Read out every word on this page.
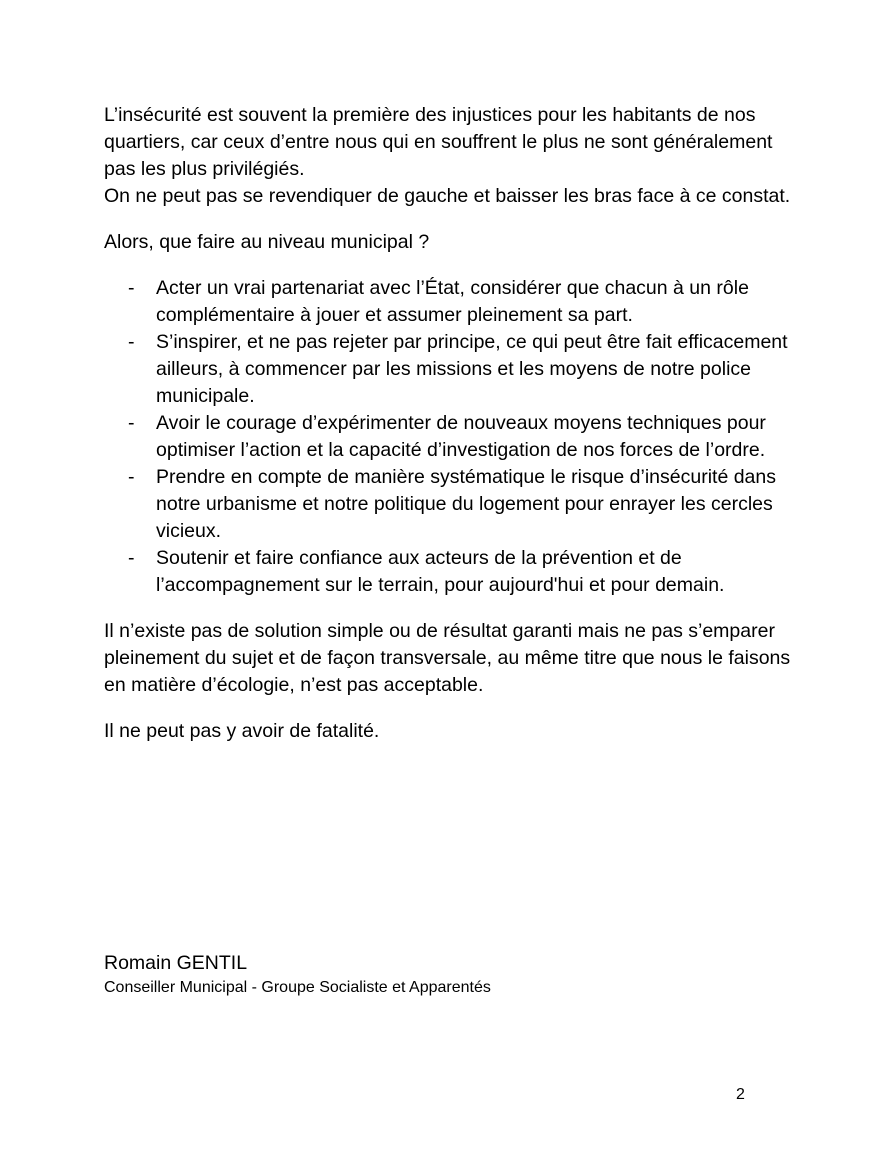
L’insécurité est souvent la première des injustices pour les habitants de nos quartiers, car ceux d’entre nous qui en souffrent le plus ne sont généralement pas les plus privilégiés.

On ne peut pas se revendiquer de gauche et baisser les bras face à ce constat.

Alors, que faire au niveau municipal ?

- Acter un vrai partenariat avec l’État, considérer que chacun à un rôle complémentaire à jouer et assumer pleinement sa part.
- S’inspirer, et ne pas rejeter par principe, ce qui peut être fait efficacement ailleurs, à commencer par les missions et les moyens de notre police municipale.
- Avoir le courage d’expérimenter de nouveaux moyens techniques pour optimiser l’action et la capacité d’investigation de nos forces de l’ordre.
- Prendre en compte de manière systématique le risque d’insécurité dans notre urbanisme et notre politique du logement pour enrayer les cercles vicieux.
- Soutenir et faire confiance aux acteurs de la prévention et de l’accompagnement sur le terrain, pour aujourd'hui et pour demain.

Il n’existe pas de solution simple ou de résultat garanti mais ne pas s’emparer pleinement du sujet et de façon transversale, au même titre que nous le faisons en matière d’écologie, n’est pas acceptable.

Il ne peut pas y avoir de fatalité.

Romain GENTIL
Conseiller Municipal - Groupe Socialiste et Apparentés
2
